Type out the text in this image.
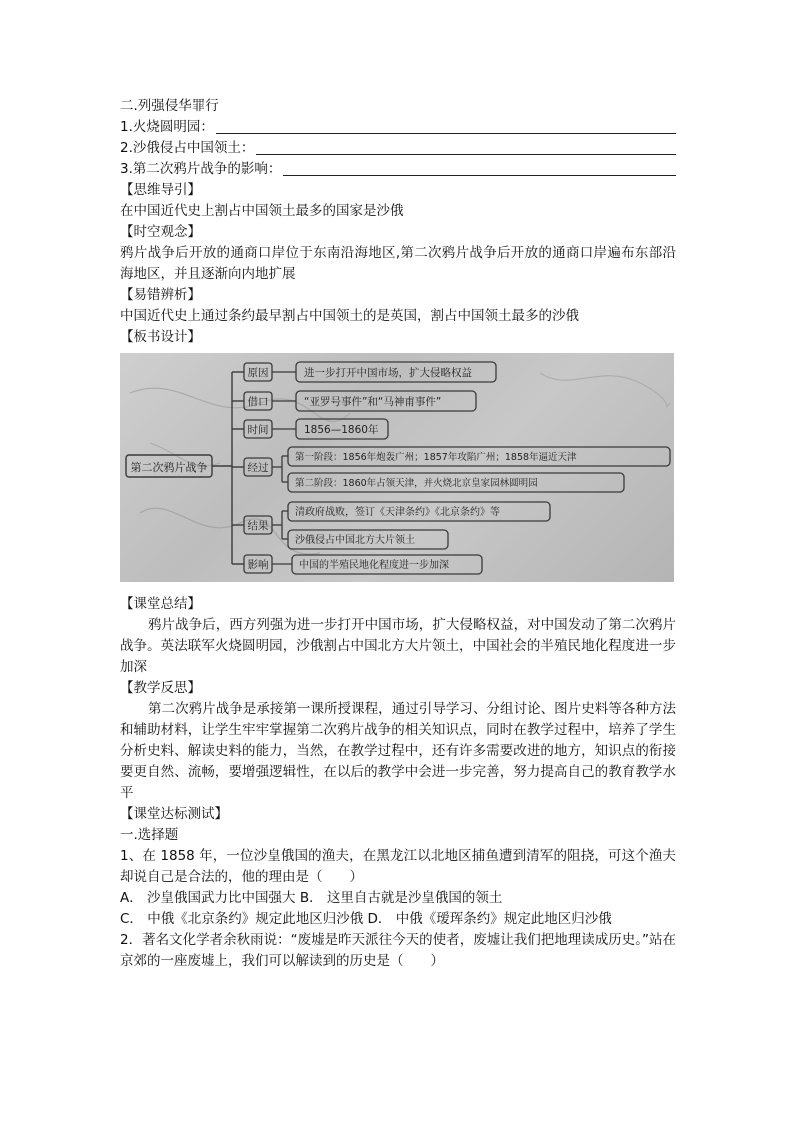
二.列强侵华罪行
1.火烧圆明园：
2.沙俄侵占中国领土：
3.第二次鸦片战争的影响：
【思维导引】
在中国近代史上割占中国领土最多的国家是沙俄
【时空观念】
鸦片战争后开放的通商口岸位于东南沿海地区,第二次鸦片战争后开放的通商口岸遍布东部沿海地区，并且逐渐向内地扩展
【易错辨析】
中国近代史上通过条约最早割占中国领土的是英国，割占中国领土最多的沙俄
【板书设计】
第二次鸦片战争
原因	进一步打开中国市场，扩大侵略权益
借口	“亚罗号事件”和“马神甫事件”
时间	1856—1860年
经过
第一阶段：1856年炮轰广州；1857年攻陷广州；1858年逼近天津
第二阶段：1860年占领天津，并火烧北京皇家园林圆明园
结果
清政府战败，签订《天津条约》《北京条约》等
沙俄侵占中国北方大片领土
影响	中国的半殖民地化程度进一步加深
【课堂总结】
鸦片战争后，西方列强为进一步打开中国市场，扩大侵略权益，对中国发动了第二次鸦片战争。英法联军火烧圆明园，沙俄割占中国北方大片领土，中国社会的半殖民地化程度进一步加深
【教学反思】
第二次鸦片战争是承接第一课所授课程，通过引导学习、分组讨论、图片史料等各种方法和辅助材料，让学生牢牢掌握第二次鸦片战争的相关知识点，同时在教学过程中，培养了学生分析史料、解读史料的能力，当然，在教学过程中，还有许多需要改进的地方，知识点的衔接要更自然、流畅，要增强逻辑性，在以后的教学中会进一步完善，努力提高自己的教育教学水平
【课堂达标测试】
一.选择题
1、在 1858 年，一位沙皇俄国的渔夫，在黑龙江以北地区捕鱼遭到清军的阻挠，可这个渔夫却说自己是合法的，他的理由是（　　）
A． 沙皇俄国武力比中国强大 B． 这里自古就是沙皇俄国的领土
C． 中俄《北京条约》规定此地区归沙俄 D． 中俄《瑷珲条约》规定此地区归沙俄
2．著名文化学者余秋雨说：“废墟是昨天派往今天的使者，废墟让我们把地理读成历史。”站在京郊的一座废墟上，我们可以解读到的历史是（　　）
